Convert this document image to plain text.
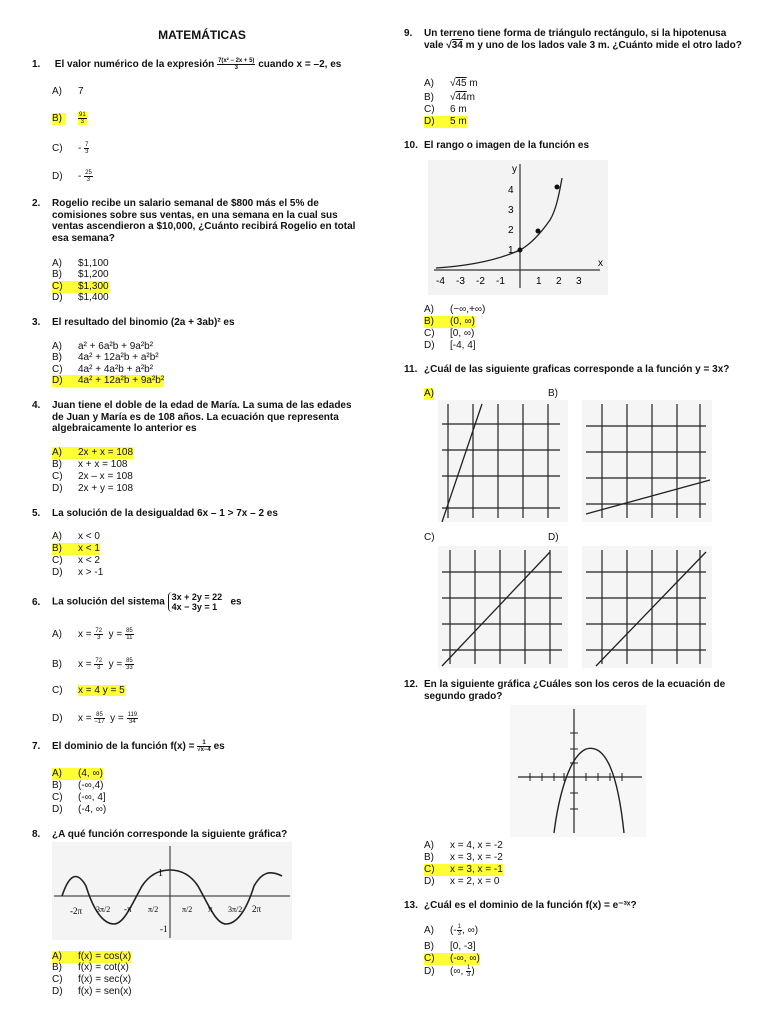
MATEMÁTICAS
1. El valor numérico de la expresión $\frac{\text{7(x² − 2x + 5)}}{3}$ cuando x = –2, es
A) 7
B)	$\frac{91}{3}$
$C) - \frac{7}{3}$
$D) - \frac{25}{3}$
2. Rogelio recibe un salario semanal de $800 más el 5% de comisiones sobre sus ventas, en una semana en la cual sus ventas ascendieron a $10,000, ¿Cuánto recibirá Rogelio en total esa semana?
A) $1,100
B) $1,200
C) $1,300
D) $1,400
3. El resultado del binomio (2a + 3ab)² es
A) a² + 6a²b + 9a²b²
B) 4a² + 12a²b + a²b²
C) 4a² + 4a²b + a²b²
D) 4a² + 12a²b + 9a²b²
4. Juan tiene el doble de la edad de María. La suma de las edades de Juan y María es de 108 años. La ecuación que representa algebraicamente lo anterior es
A) 2x + x = 108
B) x + x = 108
C) 2x – x = 108
D) 2x + y = 108
5. La solución de la desigualdad 6x – 1 > 7x – 2 es
A) x < 0
B) x < 1
C) x < 2
D) x > -1
6. La solución del sistema 3x + 2y = 22
4x − 3y = 1	es
A) $x = \frac{72}{3}$ $y = \frac{85}{11}$
B) $x = \frac{72}{3}$ $y = \frac{85}{33}$
C) x = 4 y = 5
D) $x = \frac{85}{-17}$ $y = \frac{119}{34}$
7. El dominio de la función $f(x) = \frac{1}{√x-4}$ es
A) (4, ∞)
B) (-∞,4)
C) (-∞, 4]
D) (-4, ∞)
8. ¿A qué función corresponde la siguiente gráfica?
1
-1
-2π 3π/2 -π π/2	π/2 π 3π/2 2π
A) f(x) = cos(x)
B) f(x) = cot(x)
C) f(x) = sec(x)
D) f(x) = sen(x)
9. Un terreno tiene forma de triángulo rectángulo, si la hipotenusa vale √34 m y uno de los lados vale 3 m. ¿Cuánto mide el otro lado?
A) √45 m
B) √44m
C) 6 m
D) 5 m
10. El rango o imagen de la función es
y
x
-4 -3 -2 -1	1 2 3
4
3
2
1
A) (−∞,+∞)
B) (0, ∞)
C) [0, ∞)
D) [-4, 4]
11. ¿Cuál de las siguiente graficas corresponde a la función y = 3x?
A)	B)
C)	D)
12. En la siguiente gráfica ¿Cuáles son los ceros de la ecuación de segundo grado?
A) x = 4, x = -2
B) x = 3, x = -2
C) x = 3, x = -1
D) x = 2, x = 0
13. ¿Cuál es el dominio de la función f(x) = e⁻³ˣ?
A) (- $\frac{1}{3}$ , ∞)
B) [0, -3]
C) (-∞, ∞)
D) (∞, $\frac{1}{3}$ )
